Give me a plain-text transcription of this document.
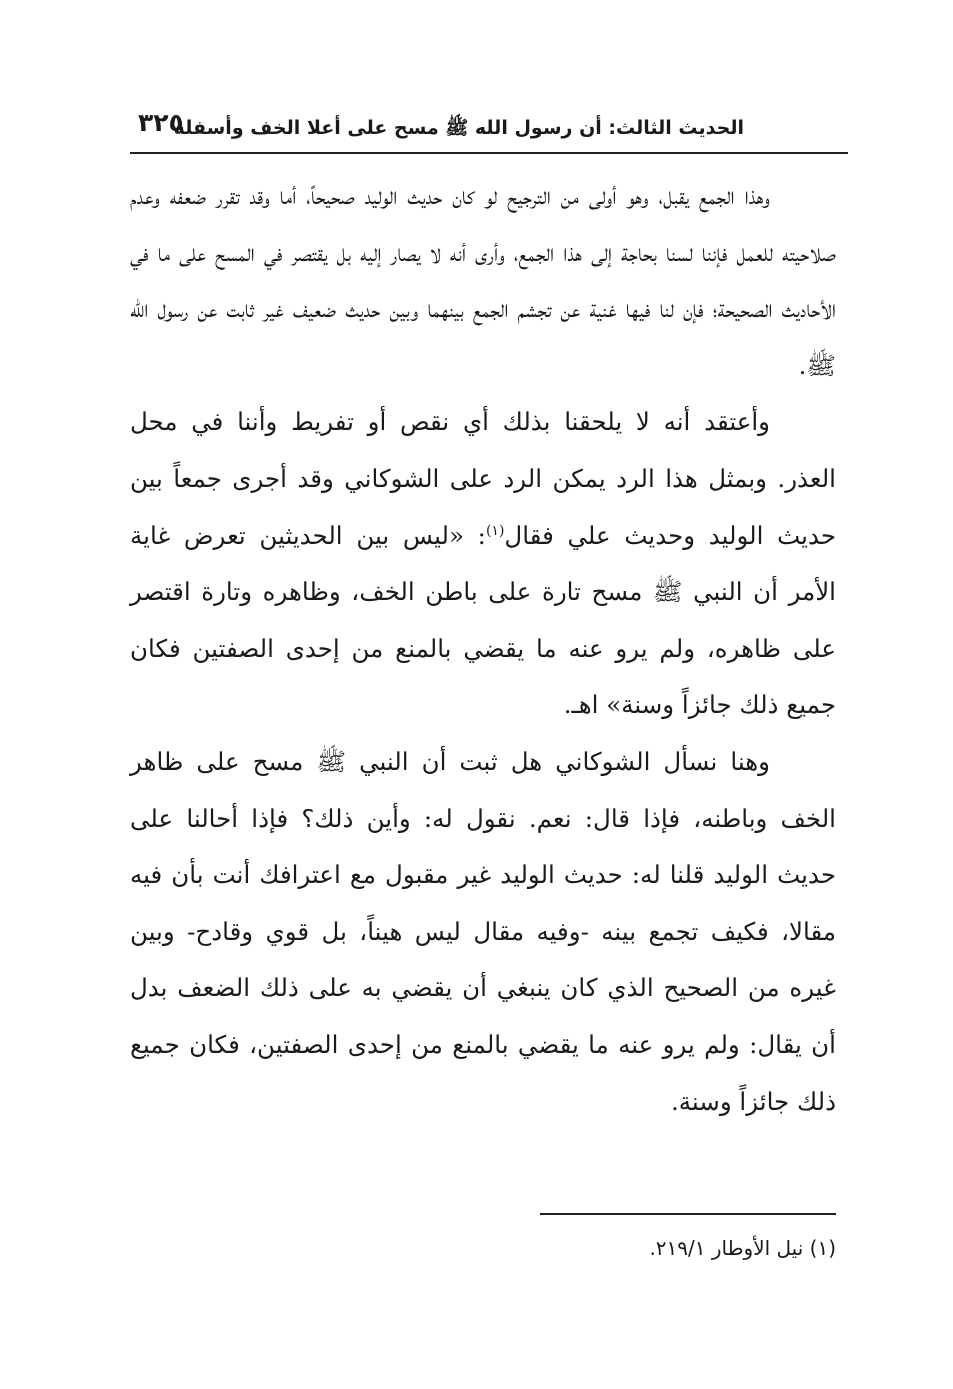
الحديث الثالث: أن رسول الله ﷺ مسح على أعلا الخف وأسفله
٣٢٥

وهذا الجمع يقبل، وهو أولى من الترجيح لو كان حديث الوليد صحيحاً، أما وقد تقرر ضعفه وعدم صلاحيته للعمل فإننا لسنا بحاجة إلى هذا الجمع، وأرى أنه لا يصار إليه بل يقتصر في المسح على ما في الأحاديث الصحيحة؛ فإن لنا فيها غنية عن تجشم الجمع بينهما وبين حديث ضعيف غير ثابت عن رسول الله ﷺ.

وأعتقد أنه لا يلحقنا بذلك أي نقص أو تفريط وأننا في محل العذر. وبمثل هذا الرد يمكن الرد على الشوكاني وقد أجرى جمعاً بين حديث الوليد وحديث علي فقال$^{(١)}$: «ليس بين الحديثين تعرض غاية الأمر أن النبي ﷺ مسح تارة على باطن الخف، وظاهره وتارة اقتصر على ظاهره، ولم يرو عنه ما يقضي بالمنع من إحدى الصفتين فكان جميع ذلك جائزاً وسنة» اهـ.

وهنا نسأل الشوكاني هل ثبت أن النبي ﷺ مسح على ظاهر الخف وباطنه، فإذا قال: نعم. نقول له: وأين ذلك؟ فإذا أحالنا على حديث الوليد قلنا له: حديث الوليد غير مقبول مع اعترافك أنت بأن فيه مقالا، فكيف تجمع بينه -وفيه مقال ليس هيناً، بل قوي وقادح- وبين غيره من الصحيح الذي كان ينبغي أن يقضي به على ذلك الضعف بدل أن يقال: ولم يرو عنه ما يقضي بالمنع من إحدى الصفتين، فكان جميع ذلك جائزاً وسنة.

(١) نيل الأوطار ٢١٩/١.
